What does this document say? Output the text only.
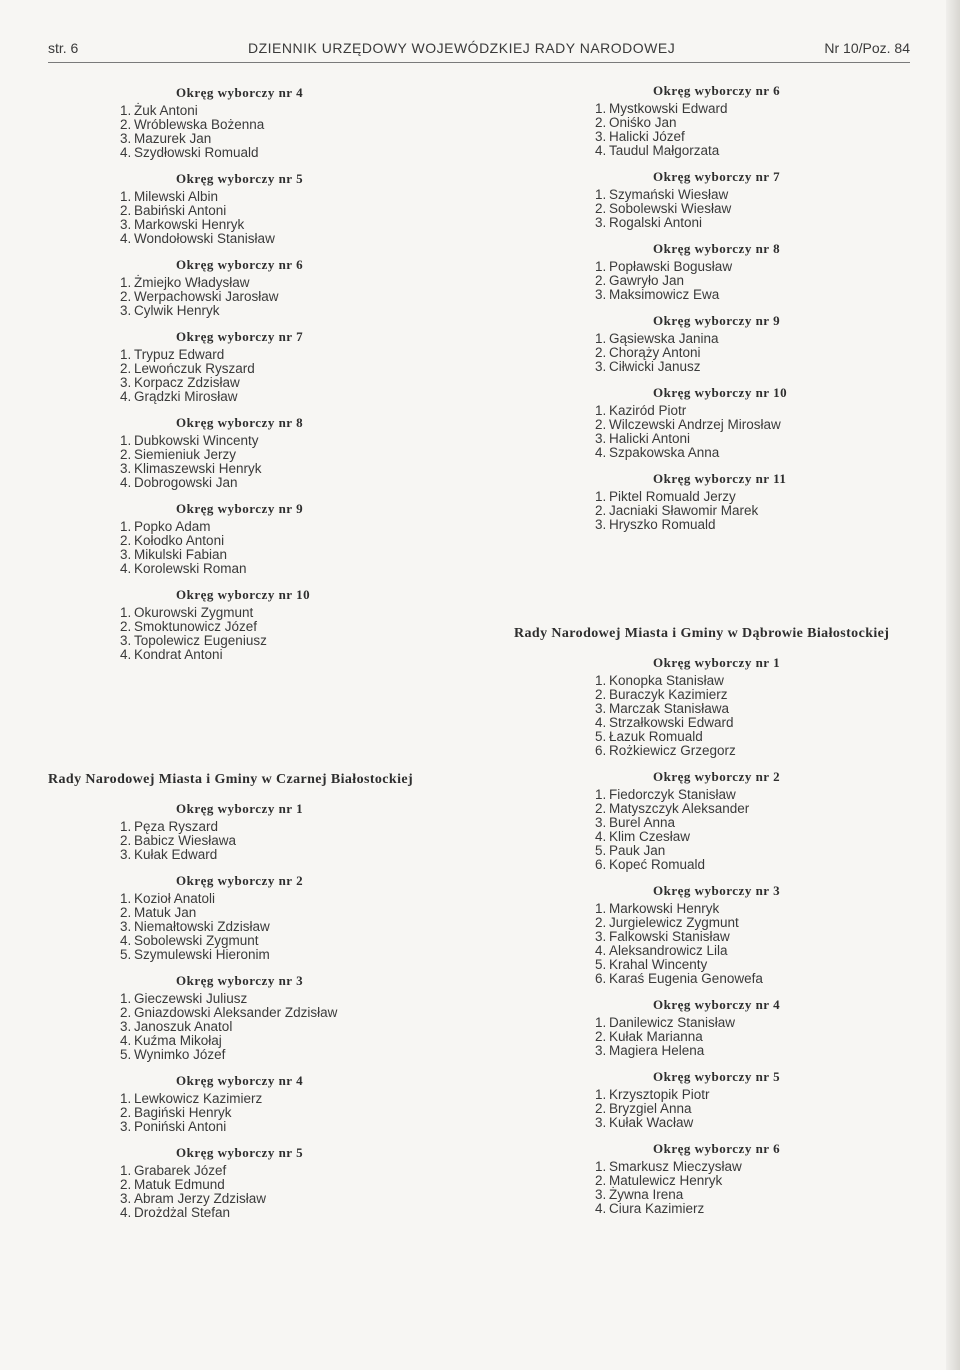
str. 6	DZIENNIK URZĘDOWY WOJEWÓDZKIEJ RADY NARODOWEJ	Nr 10/Poz. 84
Okręg wyborczy nr 4
1. Żuk Antoni
2. Wróblewska Bożenna
3. Mazurek Jan
4. Szydłowski Romuald
Okręg wyborczy nr 5
1. Milewski Albin
2. Babiński Antoni
3. Markowski Henryk
4. Wondołowski Stanisław
Okręg wyborczy nr 6
1. Żmiejko Władysław
2. Werpachowski Jarosław
3. Cylwik Henryk
Okręg wyborczy nr 7
1. Trypuz Edward
2. Lewończuk Ryszard
3. Korpacz Zdzisław
4. Grądzki Mirosław
Okręg wyborczy nr 8
1. Dubkowski Wincenty
2. Siemieniuk Jerzy
3. Klimaszewski Henryk
4. Dobrogowski Jan
Okręg wyborczy nr 9
1. Popko Adam
2. Kołodko Antoni
3. Mikulski Fabian
4. Korolewski Roman
Okręg wyborczy nr 10
1. Okurowski Zygmunt
2. Smoktunowicz Józef
3. Topolewicz Eugeniusz
4. Kondrat Antoni
Rady Narodowej Miasta i Gminy w Czarnej Białostockiej
Okręg wyborczy nr 1
1. Pęza Ryszard
2. Babicz Wiesława
3. Kułak Edward
Okręg wyborczy nr 2
1. Kozioł Anatoli
2. Matuk Jan
3. Niemałtowski Zdzisław
4. Sobolewski Zygmunt
5. Szymulewski Hieronim
Okręg wyborczy nr 3
1. Gieczewski Juliusz
2. Gniazdowski Aleksander Zdzisław
3. Janoszuk Anatol
4. Kuźma Mikołaj
5. Wynimko Józef
Okręg wyborczy nr 4
1. Lewkowicz Kazimierz
2. Bagiński Henryk
3. Poniński Antoni
Okręg wyborczy nr 5
1. Grabarek Józef
2. Matuk Edmund
3. Abram Jerzy Zdzisław
4. Drożdżal Stefan
Okręg wyborczy nr 6
1. Mystkowski Edward
2. Oniśko Jan
3. Halicki Józef
4. Taudul Małgorzata
Okręg wyborczy nr 7
1. Szymański Wiesław
2. Sobolewski Wiesław
3. Rogalski Antoni
Okręg wyborczy nr 8
1. Popławski Bogusław
2. Gawryło Jan
3. Maksimowicz Ewa
Okręg wyborczy nr 9
1. Gąsiewska Janina
2. Chorąży Antoni
3. Ciłwicki Janusz
Okręg wyborczy nr 10
1. Kaziród Piotr
2. Wilczewski Andrzej Mirosław
3. Halicki Antoni
4. Szpakowska Anna
Okręg wyborczy nr 11
1. Piktel Romuald Jerzy
2. Jacniaki Sławomir Marek
3. Hryszko Romuald
Rady Narodowej Miasta i Gminy w Dąbrowie Białostockiej
Okręg wyborczy nr 1
1. Konopka Stanisław
2. Buraczyk Kazimierz
3. Marczak Stanisława
4. Strzałkowski Edward
5. Łazuk Romuald
6. Rożkiewicz Grzegorz
Okręg wyborczy nr 2
1. Fiedorczyk Stanisław
2. Matyszczyk Aleksander
3. Burel Anna
4. Klim Czesław
5. Pauk Jan
6. Kopeć Romuald
Okręg wyborczy nr 3
1. Markowski Henryk
2. Jurgielewicz Zygmunt
3. Falkowski Stanisław
4. Aleksandrowicz Lila
5. Krahal Wincenty
6. Karaś Eugenia Genowefa
Okręg wyborczy nr 4
1. Danilewicz Stanisław
2. Kułak Marianna
3. Magiera Helena
Okręg wyborczy nr 5
1. Krzysztopik Piotr
2. Bryzgiel Anna
3. Kułak Wacław
Okręg wyborczy nr 6
1. Smarkusz Mieczysław
2. Matulewicz Henryk
3. Żywna Irena
4. Ciura Kazimierz
